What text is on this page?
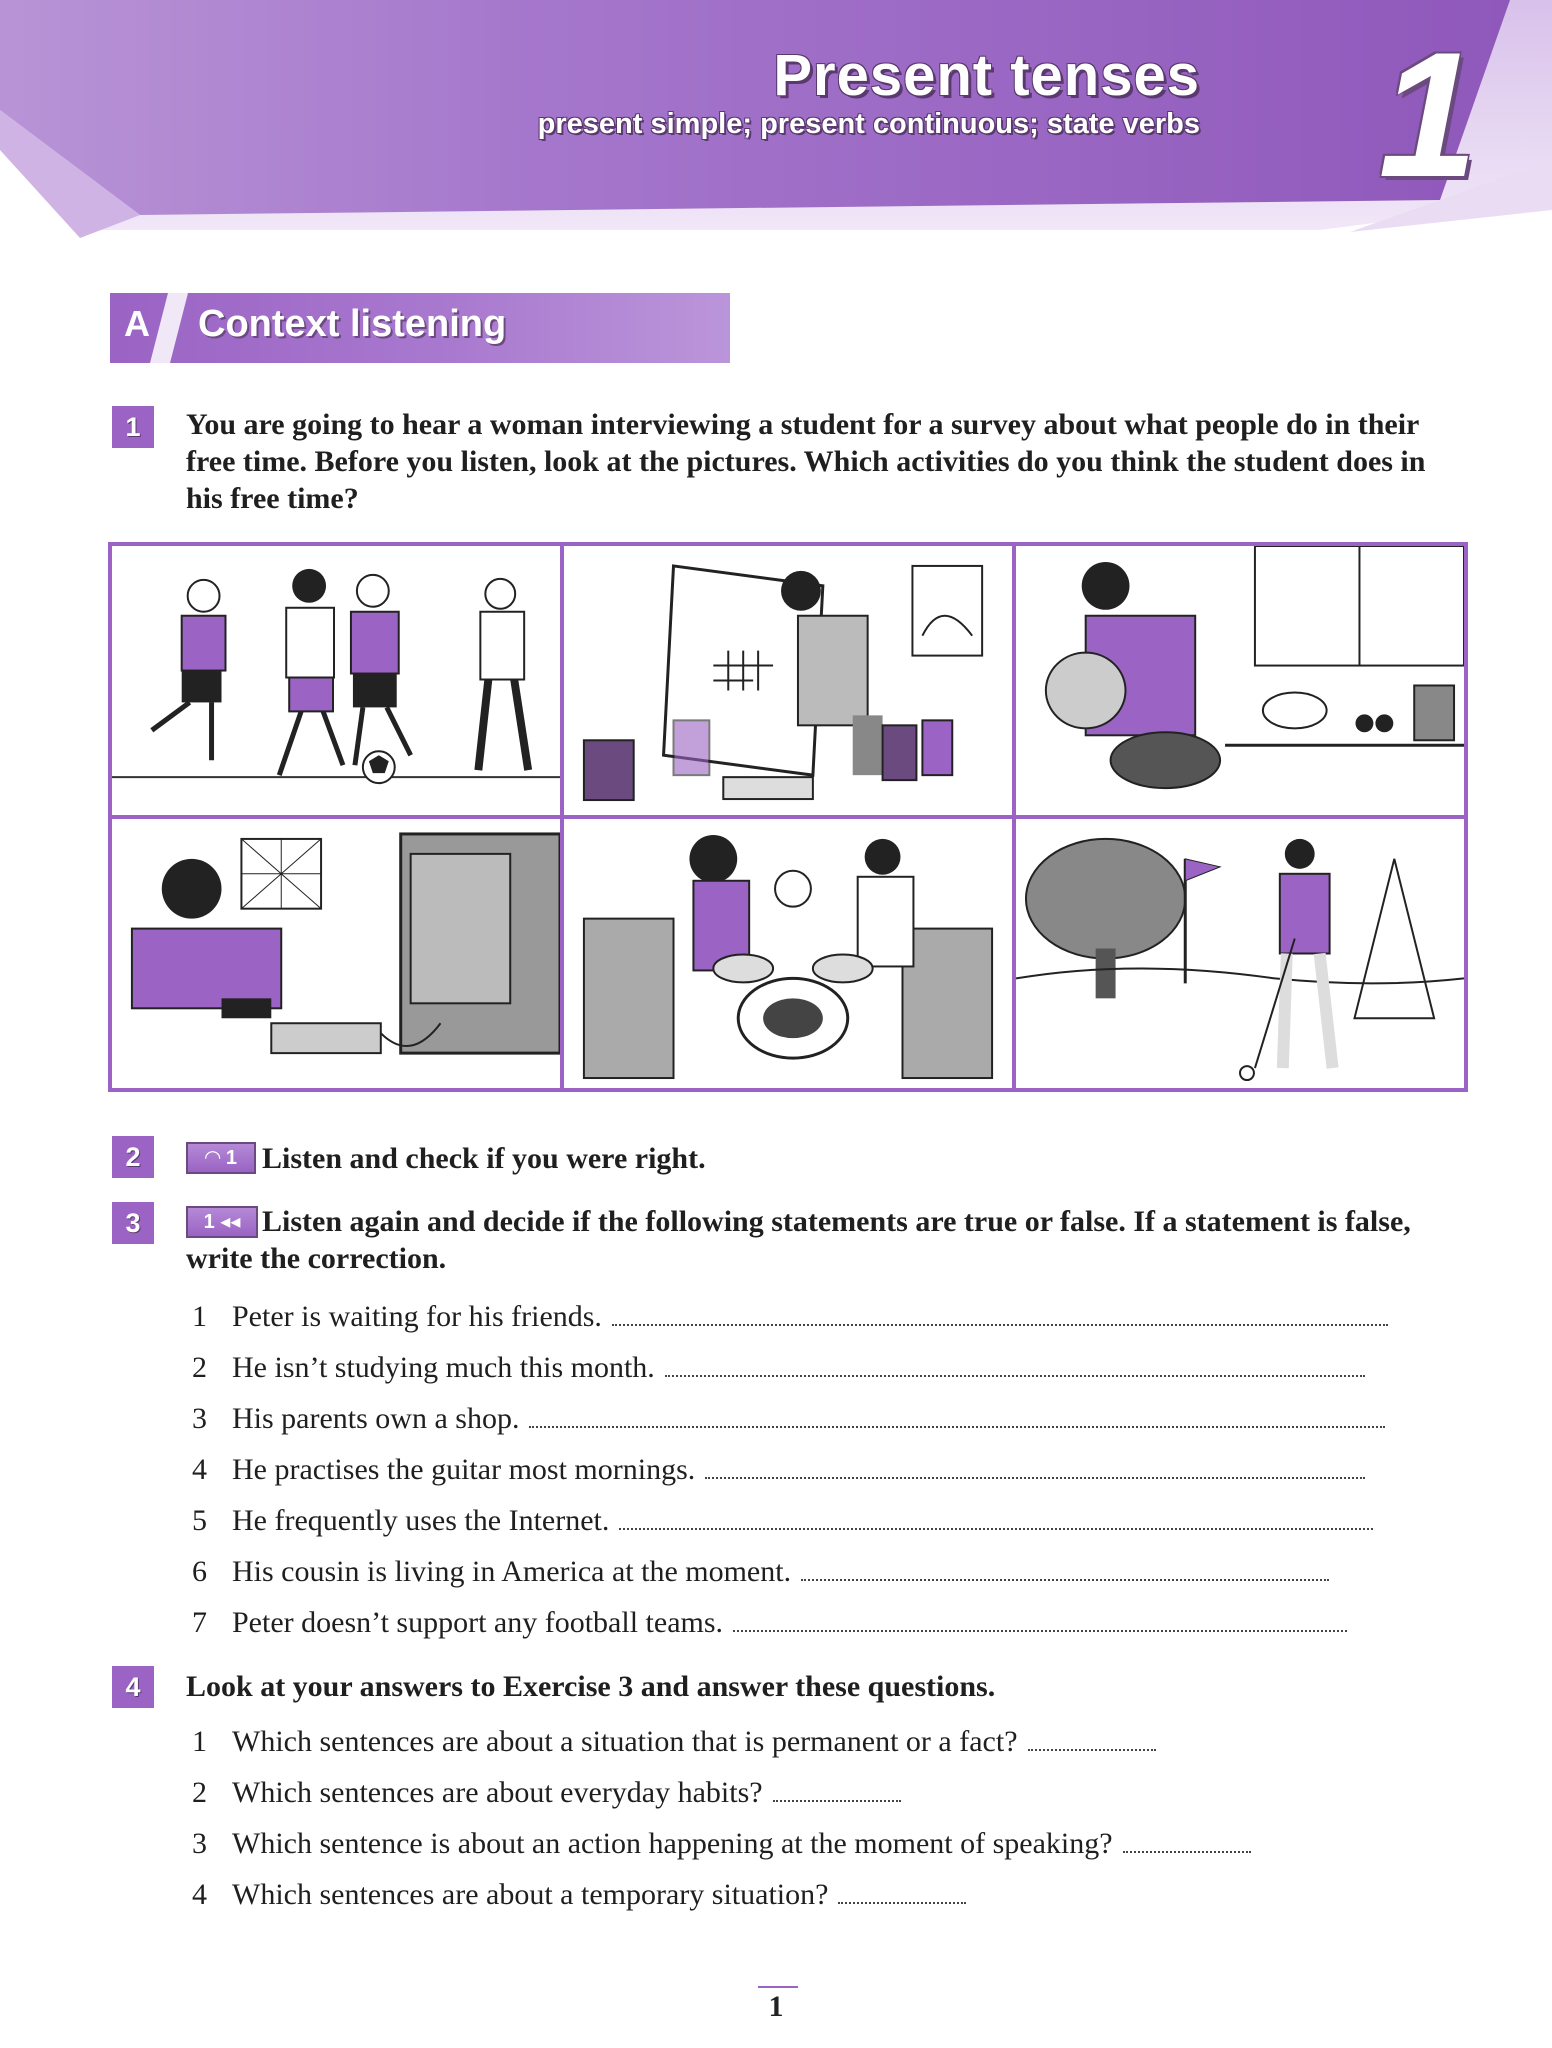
Present tenses
present simple; present continuous; state verbs 1
A	Context listening
1	You are going to hear a woman interviewing a student for a survey about what people do in their free time. Before you listen, look at the pictures. Which activities do you think the student does in his free time?
2	◠ 1 Listen and check if you were right.
3	1 ◂◂ Listen again and decide if the following statements are true or false. If a statement is false, write the correction.
1 Peter is waiting for his friends.
2 He isn’t studying much this month.
3 His parents own a shop.
4 He practises the guitar most mornings.
5 He frequently uses the Internet.
6 His cousin is living in America at the moment.
7 Peter doesn’t support any football teams.
4	Look at your answers to Exercise 3 and answer these questions.
1 Which sentences are about a situation that is permanent or a fact?
2 Which sentences are about everyday habits?
3 Which sentence is about an action happening at the moment of speaking?
4 Which sentences are about a temporary situation?
1
